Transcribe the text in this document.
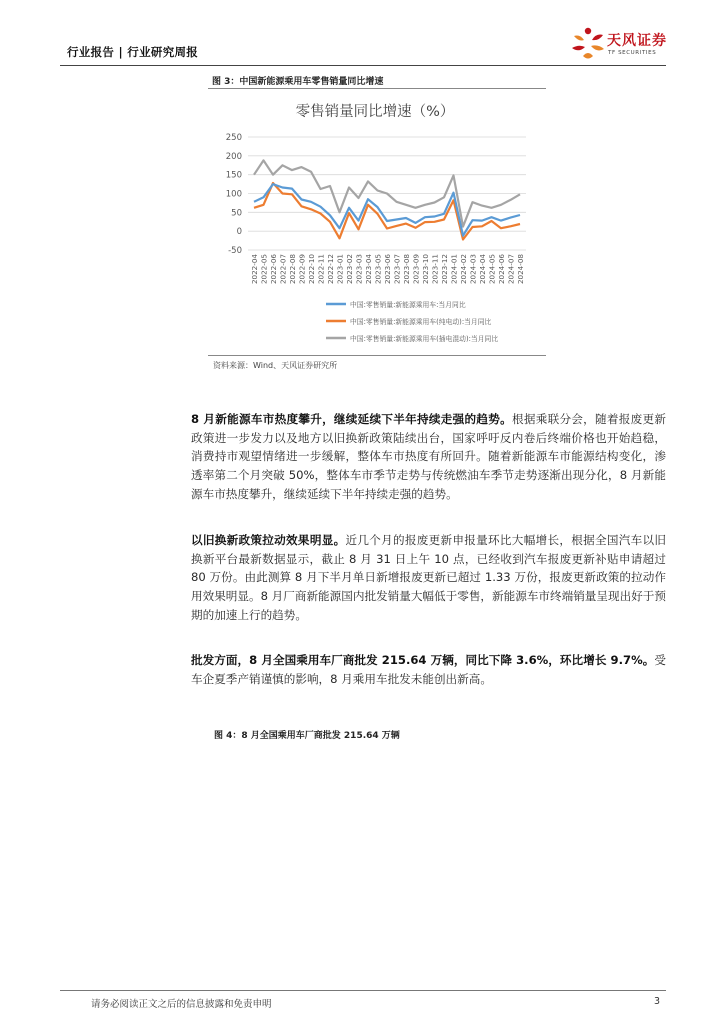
行业报告 | 行业研究周报
天风证券
TF SECURITIES
图 3：中国新能源乘用车零售销量同比增速
零售销量同比增速（%）
250
200
150
100
50
0
-50
2022-04 2022-05 2022-06 2022-07 2022-08 2022-09 2022-10 2022-11 2022-12 2023-01 2023-02 2023-03 2023-04 2023-05 2023-06 2023-07 2023-08 2023-09 2023-10 2023-11 2023-12 2024-01 2024-02 2024-03 2024-04 2024-05 2024-06 2024-07 2024-08
中国:零售销量:新能源乘用车:当月同比
中国:零售销量:新能源乘用车(纯电动):当月同比
中国:零售销量:新能源乘用车(插电混动):当月同比
资料来源：Wind、天风证券研究所
8 月新能源车市热度攀升，继续延续下半年持续走强的趋势。根据乘联分会，随着报废更新政策进一步发力以及地方以旧换新政策陆续出台，国家呼吁反内卷后终端价格也开始趋稳，消费持市观望情绪进一步缓解，整体车市热度有所回升。随着新能源车市能源结构变化，渗透率第二个月突破 50%，整体车市季节走势与传统燃油车季节走势逐渐出现分化，8 月新能源车市热度攀升，继续延续下半年持续走强的趋势。
以旧换新政策拉动效果明显。近几个月的报废更新申报量环比大幅增长，根据全国汽车以旧换新平台最新数据显示，截止 8 月 31 日上午 10 点，已经收到汽车报废更新补贴申请超过 80 万份。由此测算 8 月下半月单日新增报废更新已超过 1.33 万份，报废更新政策的拉动作用效果明显。8 月厂商新能源国内批发销量大幅低于零售，新能源车市终端销量呈现出好于预期的加速上行的趋势。
批发方面，8 月全国乘用车厂商批发 215.64 万辆，同比下降 3.6%，环比增长 9.7%。受车企夏季产销谨慎的影响，8 月乘用车批发未能创出新高。
图 4：8 月全国乘用车厂商批发 215.64 万辆
请务必阅读正文之后的信息披露和免责申明	3
